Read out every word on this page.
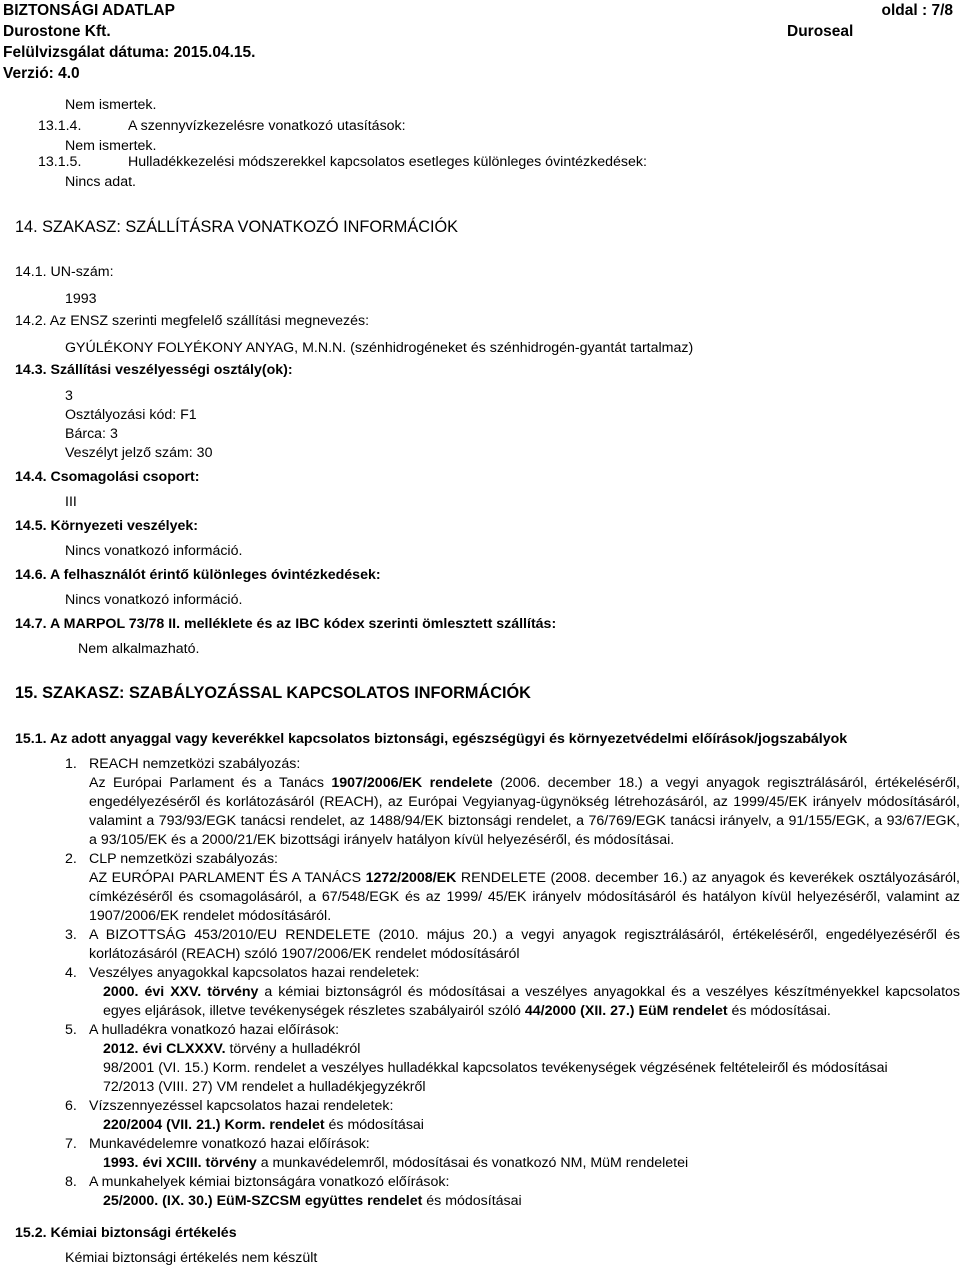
BIZTONSÁGI ADATLAP	oldal : 7/8
Durostone Kft.	Duroseal
Felülvizsgálat dátuma: 2015.04.15.
Verzió: 4.0
Nem ismertek.
13.1.4.	A szennyvízkezelésre vonatkozó utasítások:
Nem ismertek.
13.1.5.	Hulladékkezelési módszerekkel kapcsolatos esetleges különleges óvintézkedések:
Nincs adat.
14. SZAKASZ: SZÁLLÍTÁSRA VONATKOZÓ INFORMÁCIÓK
14.1. UN-szám:
1993
14.2. Az ENSZ szerinti megfelelő szállítási megnevezés:
GYÚLÉKONY FOLYÉKONY ANYAG, M.N.N. (szénhidrogéneket és szénhidrogén-gyantát tartalmaz)
14.3. Szállítási veszélyességi osztály(ok):
3
Osztályozási kód: F1
Bárca: 3
Veszélyt jelző szám: 30
14.4. Csomagolási csoport:
III
14.5. Környezeti veszélyek:
Nincs vonatkozó információ.
14.6. A felhasználót érintő különleges óvintézkedések:
Nincs vonatkozó információ.
14.7. A MARPOL 73/78 II. melléklete és az IBC kódex szerinti ömlesztett szállítás:
Nem alkalmazható.
15. SZAKASZ: SZABÁLYOZÁSSAL KAPCSOLATOS INFORMÁCIÓK
15.1. Az adott anyaggal vagy keverékkel kapcsolatos biztonsági, egészségügyi és környezetvédelmi előírások/jogszabályok
1. REACH nemzetközi szabályozás:
Az Európai Parlament és a Tanács 1907/2006/EK rendelete (2006. december 18.) a vegyi anyagok regisztrálásáról, értékeléséről, engedélyezéséről és korlátozásáról (REACH), az Európai Vegyianyag-ügynökség létrehozásáról, az 1999/45/EK irányelv módosításáról, valamint a 793/93/EGK tanácsi rendelet, az 1488/94/EK biztonsági rendelet, a 76/769/EGK tanácsi irányelv, a 91/155/EGK, a 93/67/EGK, a 93/105/EK és a 2000/21/EK bizottsági irányelv hatályon kívül helyezéséről, és módosításai.
2. CLP nemzetközi szabályozás:
AZ EURÓPAI PARLAMENT ÉS A TANÁCS 1272/2008/EK RENDELETE (2008. december 16.) az anyagok és keverékek osztályozásáról, címkézéséről és csomagolásáról, a 67/548/EGK és az 1999/ 45/EK irányelv módosításáról és hatályon kívül helyezéséről, valamint az 1907/2006/EK rendelet módosításáról.
3. A BIZOTTSÁG 453/2010/EU RENDELETE (2010. május 20.) a vegyi anyagok regisztrálásáról, értékeléséről, engedélyezéséről és korlátozásáról (REACH) szóló 1907/2006/EK rendelet módosításáról
4. Veszélyes anyagokkal kapcsolatos hazai rendeletek:
2000. évi XXV. törvény a kémiai biztonságról és módosításai a veszélyes anyagokkal és a veszélyes készítményekkel kapcsolatos egyes eljárások, illetve tevékenységek részletes szabályairól szóló 44/2000 (XII. 27.) EüM rendelet és módosításai.
5. A hulladékra vonatkozó hazai előírások:
2012. évi CLXXXV. törvény a hulladékról
98/2001 (VI. 15.) Korm. rendelet a veszélyes hulladékkal kapcsolatos tevékenységek végzésének feltételeiről és módosításai
72/2013 (VIII. 27) VM rendelet a hulladékjegyzékről
6. Vízszennyezéssel kapcsolatos hazai rendeletek:
220/2004 (VII. 21.) Korm. rendelet és módosításai
7. Munkavédelemre vonatkozó hazai előírások:
1993. évi XCIII. törvény a munkavédelemről, módosításai és vonatkozó NM, MüM rendeletei
8. A munkahelyek kémiai biztonságára vonatkozó előírások:
25/2000. (IX. 30.) EüM-SZCSM együttes rendelet és módosításai
15.2. Kémiai biztonsági értékelés
Kémiai biztonsági értékelés nem készült
